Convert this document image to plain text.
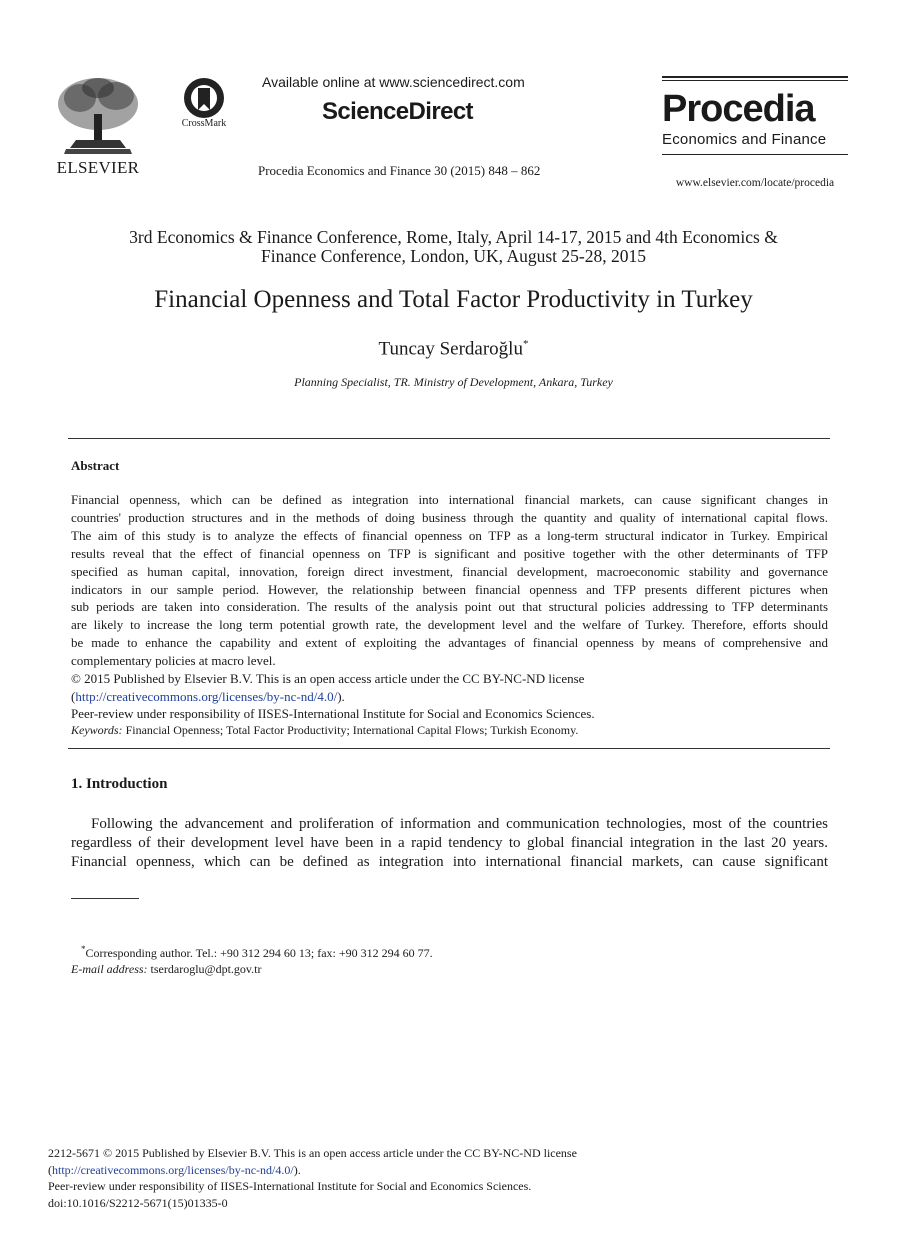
ELSEVIER
CrossMark
Available online at www.sciencedirect.com
ScienceDirect
Procedia Economics and Finance 30 (2015) 848 – 862
Procedia
Economics and Finance
www.elsevier.com/locate/procedia
3rd Economics & Finance Conference, Rome, Italy, April 14-17, 2015 and 4th Economics &
Finance Conference, London, UK, August 25-28, 2015
Financial Openness and Total Factor Productivity in Turkey
Tuncay Serdaroğlu*
Planning Specialist, TR. Ministry of Development, Ankara, Turkey
Abstract
Financial openness, which can be defined as integration into international financial markets, can cause significant changes in
countries' production structures and in the methods of doing business through the quantity and quality of international capital flows.
The aim of this study is to analyze the effects of financial openness on TFP as a long-term structural indicator in Turkey. Empirical
results reveal that the effect of financial openness on TFP is significant and positive together with the other determinants of TFP
specified as human capital, innovation, foreign direct investment, financial development, macroeconomic stability and governance
indicators in our sample period. However, the relationship between financial openness and TFP presents different pictures when
sub periods are taken into consideration. The results of the analysis point out that structural policies addressing to TFP determinants
are likely to increase the long term potential growth rate, the development level and the welfare of Turkey. Therefore, efforts should
be made to enhance the capability and extent of exploiting the advantages of financial openness by means of comprehensive and
complementary policies at macro level.
© 2015 Published by Elsevier B.V. This is an open access article under the CC BY-NC-ND license
(http://creativecommons.org/licenses/by-nc-nd/4.0/).
Peer-review under responsibility of IISES-International Institute for Social and Economics Sciences.
Keywords: Financial Openness; Total Factor Productivity; International Capital Flows; Turkish Economy.
1. Introduction
Following the advancement and proliferation of information and communication technologies, most of the countries
regardless of their development level have been in a rapid tendency to global financial integration in the last 20 years.
Financial openness, which can be defined as integration into international financial markets, can cause significant
*Corresponding author. Tel.: +90 312 294 60 13; fax: +90 312 294 60 77.
E-mail address: tserdaroglu@dpt.gov.tr
2212-5671 © 2015 Published by Elsevier B.V. This is an open access article under the CC BY-NC-ND license
(http://creativecommons.org/licenses/by-nc-nd/4.0/).
Peer-review under responsibility of IISES-International Institute for Social and Economics Sciences.
doi:10.1016/S2212-5671(15)01335-0
